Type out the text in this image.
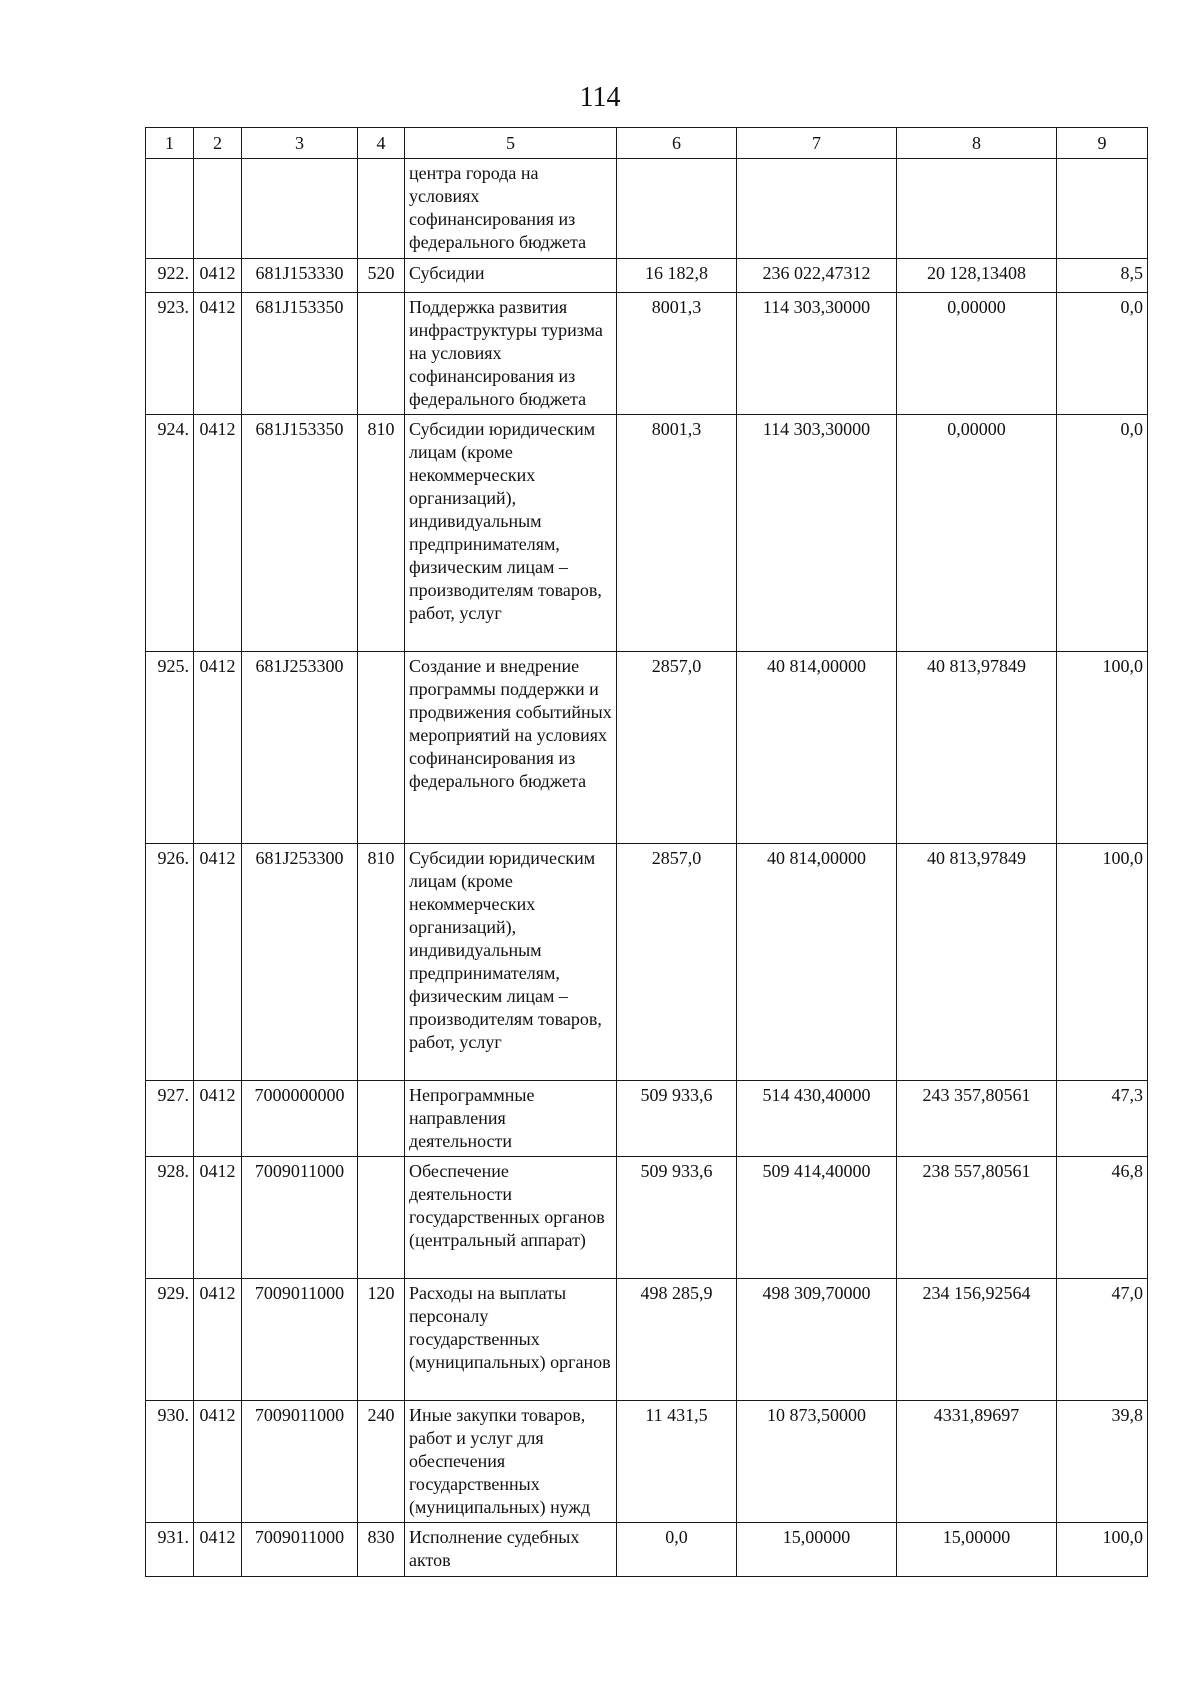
114
1	2	3	4	5	6	7	8	9
				центра города на условиях софинансирования из федерального бюджета				
922.	0412	681J153330	520	Субсидии	16 182,8	236 022,47312	20 128,13408	8,5
923.	0412	681J153350		Поддержка развития инфраструктуры туризма на условиях софинансирования из федерального бюджета	8001,3	114 303,30000	0,00000	0,0
924.	0412	681J153350	810	Субсидии юридическим лицам (кроме некоммерческих организаций), индивидуальным предпринимателям, физическим лицам – производителям товаров, работ, услуг	8001,3	114 303,30000	0,00000	0,0
925.	0412	681J253300		Создание и внедрение программы поддержки и продвижения событийных мероприятий на условиях софинансирования из федерального бюджета	2857,0	40 814,00000	40 813,97849	100,0
926.	0412	681J253300	810	Субсидии юридическим лицам (кроме некоммерческих организаций), индивидуальным предпринимателям, физическим лицам – производителям товаров, работ, услуг	2857,0	40 814,00000	40 813,97849	100,0
927.	0412	7000000000		Непрограммные направления деятельности	509 933,6	514 430,40000	243 357,80561	47,3
928.	0412	7009011000		Обеспечение деятельности государственных органов (центральный аппарат)	509 933,6	509 414,40000	238 557,80561	46,8
929.	0412	7009011000	120	Расходы на выплаты персоналу государственных (муниципальных) органов	498 285,9	498 309,70000	234 156,92564	47,0
930.	0412	7009011000	240	Иные закупки товаров, работ и услуг для обеспечения государственных (муниципальных) нужд	11 431,5	10 873,50000	4331,89697	39,8
931.	0412	7009011000	830	Исполнение судебных актов	0,0	15,00000	15,00000	100,0
